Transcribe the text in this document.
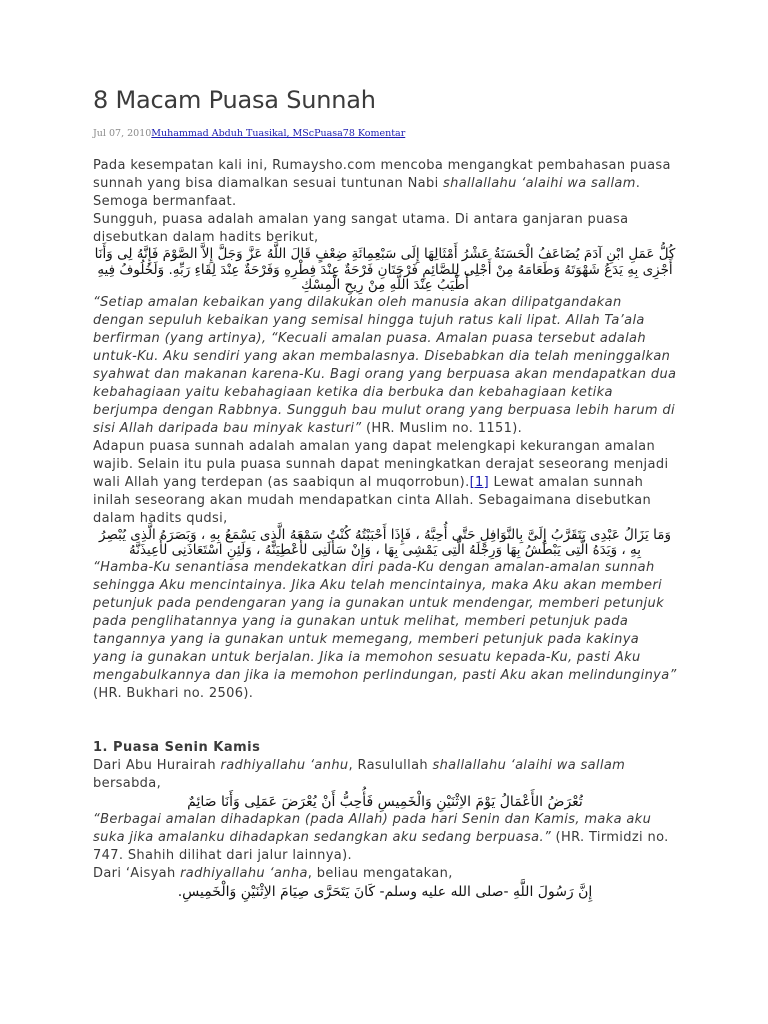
8 Macam Puasa Sunnah
Jul 07, 2010Muhammad Abduh Tuasikal, MScPuasa78 Komentar

Pada kesempatan kali ini, Rumaysho.com mencoba mengangkat pembahasan puasa sunnah yang bisa diamalkan sesuai tuntunan Nabi shallallahu ‘alaihi wa sallam. Semoga bermanfaat.

Sungguh, puasa adalah amalan yang sangat utama. Di antara ganjaran puasa disebutkan dalam hadits berikut,

كُلُّ عَمَلِ ابْنِ آدَمَ يُضَاعَفُ الْحَسَنَةُ عَشْرُ أَمْثَالِهَا إِلَى سَبْعِمِائَةِ ضِعْفٍ قَالَ اللَّهُ عَزَّ وَجَلَّ إِلاَّ الصَّوْمَ فَإِنَّهُ لِى وَأَنَا أَجْزِى بِهِ يَدَعُ شَهْوَتَهُ وَطَعَامَهُ مِنْ أَجْلِى لِلصَّائِمِ فَرْحَتَانِ فَرْحَةٌ عِنْدَ فِطْرِهِ وَفَرْحَةٌ عِنْدَ لِقَاءِ رَبِّهِ. وَلَخُلُوفُ فِيهِ أَطْيَبُ عِنْدَ اللَّهِ مِنْ رِيحِ الْمِسْكِ

“Setiap amalan kebaikan yang dilakukan oleh manusia akan dilipatgandakan dengan sepuluh kebaikan yang semisal hingga tujuh ratus kali lipat. Allah Ta’ala berfirman (yang artinya), “Kecuali amalan puasa. Amalan puasa tersebut adalah untuk-Ku. Aku sendiri yang akan membalasnya. Disebabkan dia telah meninggalkan syahwat dan makanan karena-Ku. Bagi orang yang berpuasa akan mendapatkan dua kebahagiaan yaitu kebahagiaan ketika dia berbuka dan kebahagiaan ketika berjumpa dengan Rabbnya. Sungguh bau mulut orang yang berpuasa lebih harum di sisi Allah daripada bau minyak kasturi” (HR. Muslim no. 1151).

Adapun puasa sunnah adalah amalan yang dapat melengkapi kekurangan amalan wajib. Selain itu pula puasa sunnah dapat meningkatkan derajat seseorang menjadi wali Allah yang terdepan (as saabiqun al muqorrobun).[1] Lewat amalan sunnah inilah seseorang akan mudah mendapatkan cinta Allah. Sebagaimana disebutkan dalam hadits qudsi,

وَمَا يَزَالُ عَبْدِى يَتَقَرَّبُ إِلَىَّ بِالنَّوَافِلِ حَتَّى أُحِبَّهُ ، فَإِذَا أَحْبَبْتُهُ كُنْتُ سَمْعَهُ الَّذِى يَسْمَعُ بِهِ ، وَبَصَرَهُ الَّذِى يُبْصِرُ بِهِ ، وَيَدَهُ الَّتِى يَبْطُشُ بِهَا وَرِجْلَهُ الَّتِى يَمْشِى بِهَا ، وَإِنْ سَأَلَنِى لأُعْطِيَنَّهُ ، وَلَئِنِ اسْتَعَاذَنِى لأُعِيذَنَّهُ

“Hamba-Ku senantiasa mendekatkan diri pada-Ku dengan amalan-amalan sunnah sehingga Aku mencintainya. Jika Aku telah mencintainya, maka Aku akan memberi petunjuk pada pendengaran yang ia gunakan untuk mendengar, memberi petunjuk pada penglihatannya yang ia gunakan untuk melihat, memberi petunjuk pada tangannya yang ia gunakan untuk memegang, memberi petunjuk pada kakinya yang ia gunakan untuk berjalan. Jika ia memohon sesuatu kepada-Ku, pasti Aku mengabulkannya dan jika ia memohon perlindungan, pasti Aku akan melindunginya” (HR. Bukhari no. 2506).

1. Puasa Senin Kamis

Dari Abu Hurairah radhiyallahu ‘anhu, Rasulullah shallallahu ‘alaihi wa sallam bersabda,

تُعْرَضُ الأَعْمَالُ يَوْمَ الاِثْنَيْنِ وَالْخَمِيسِ فَأُحِبُّ أَنْ يُعْرَضَ عَمَلِى وَأَنَا صَائِمٌ

“Berbagai amalan dihadapkan (pada Allah) pada hari Senin dan Kamis, maka aku suka jika amalanku dihadapkan sedangkan aku sedang berpuasa.” (HR. Tirmidzi no. 747. Shahih dilihat dari jalur lainnya).

Dari ‘Aisyah radhiyallahu ‘anha, beliau mengatakan,

إِنَّ رَسُولَ اللَّهِ -صلى الله عليه وسلم- كَانَ يَتَحَرَّى صِيَامَ الاِثْنَيْنِ وَالْخَمِيسِ.
